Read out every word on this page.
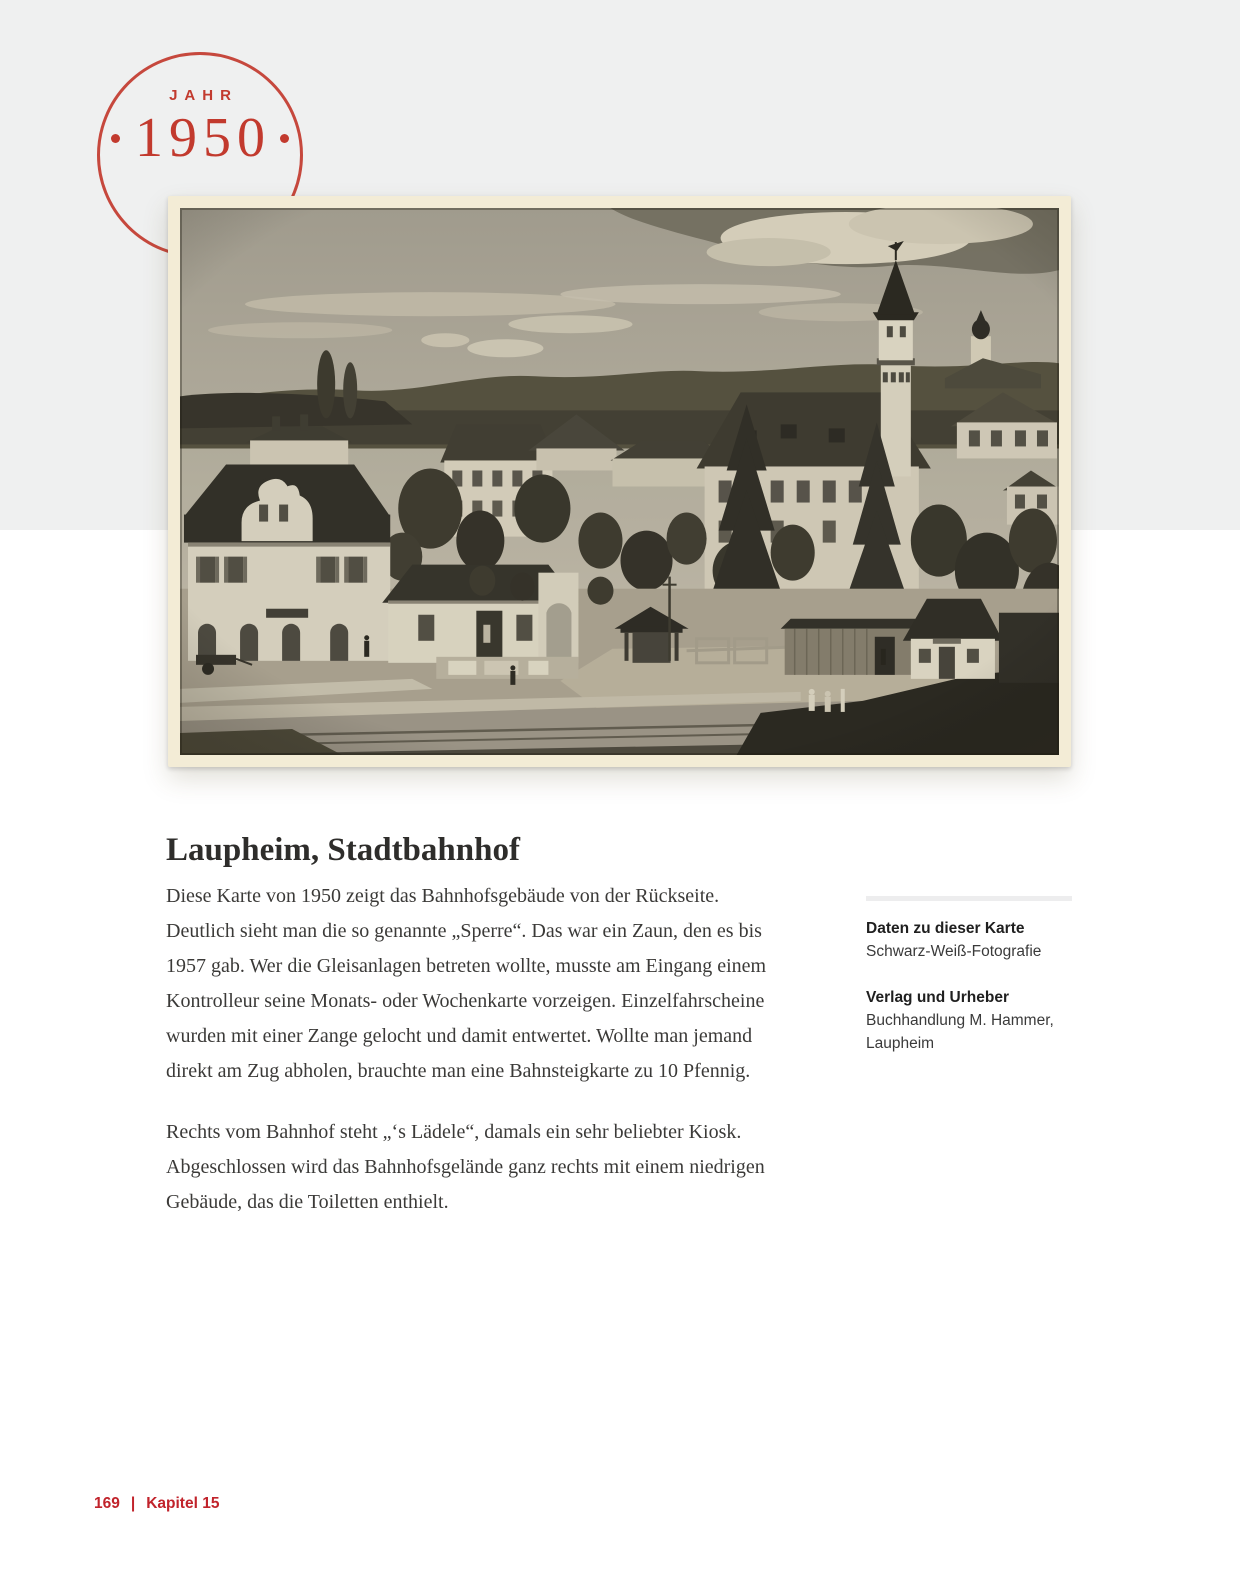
JAHR
1950
Laupheim, Stadtbahnhof

Diese Karte von 1950 zeigt das Bahnhofsgebäude von der Rückseite. Deutlich sieht man die so genannte „Sperre“. Das war ein Zaun, den es bis 1957 gab. Wer die Gleisanlagen betreten wollte, musste am Eingang einem Kontrolleur seine Monats- oder Wochenkarte vorzeigen. Einzelfahrscheine wurden mit einer Zange gelocht und damit entwertet. Wollte man jemand direkt am Zug abholen, brauchte man eine Bahnsteigkarte zu 10 Pfennig.

Rechts vom Bahnhof steht „‘s Lädele“, damals ein sehr beliebter Kiosk. Abgeschlossen wird das Bahnhofsgelände ganz rechts mit einem niedrigen Gebäude, das die Toiletten enthielt.

Daten zu dieser Karte
Schwarz-Weiß-Fotografie
Verlag und Urheber
Buchhandlung M. Hammer,
Laupheim
169 | Kapitel 15
